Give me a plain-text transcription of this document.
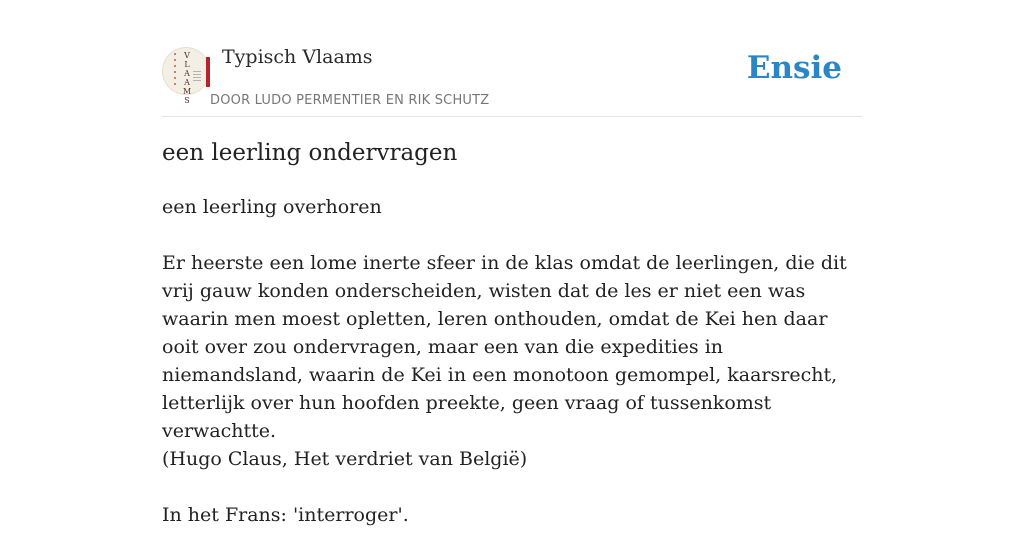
V
L
A
A
M
S
Typisch Vlaams
DOOR LUDO PERMENTIER EN RIK SCHUTZ
Ensie
een leerling ondervragen

een leerling overhoren

Er heerste een lome inerte sfeer in de klas omdat de leerlingen, die dit vrij gauw konden onderscheiden, wisten dat de les er niet een was waarin men moest opletten, leren onthouden, omdat de Kei hen daar ooit over zou ondervragen, maar een van die expedities in niemandsland, waarin de Kei in een monotoon gemompel, kaarsrecht, letterlijk over hun hoofden preekte, geen vraag of tussenkomst verwachtte.

(Hugo Claus, Het verdriet van België)

In het Frans: 'interroger'.
